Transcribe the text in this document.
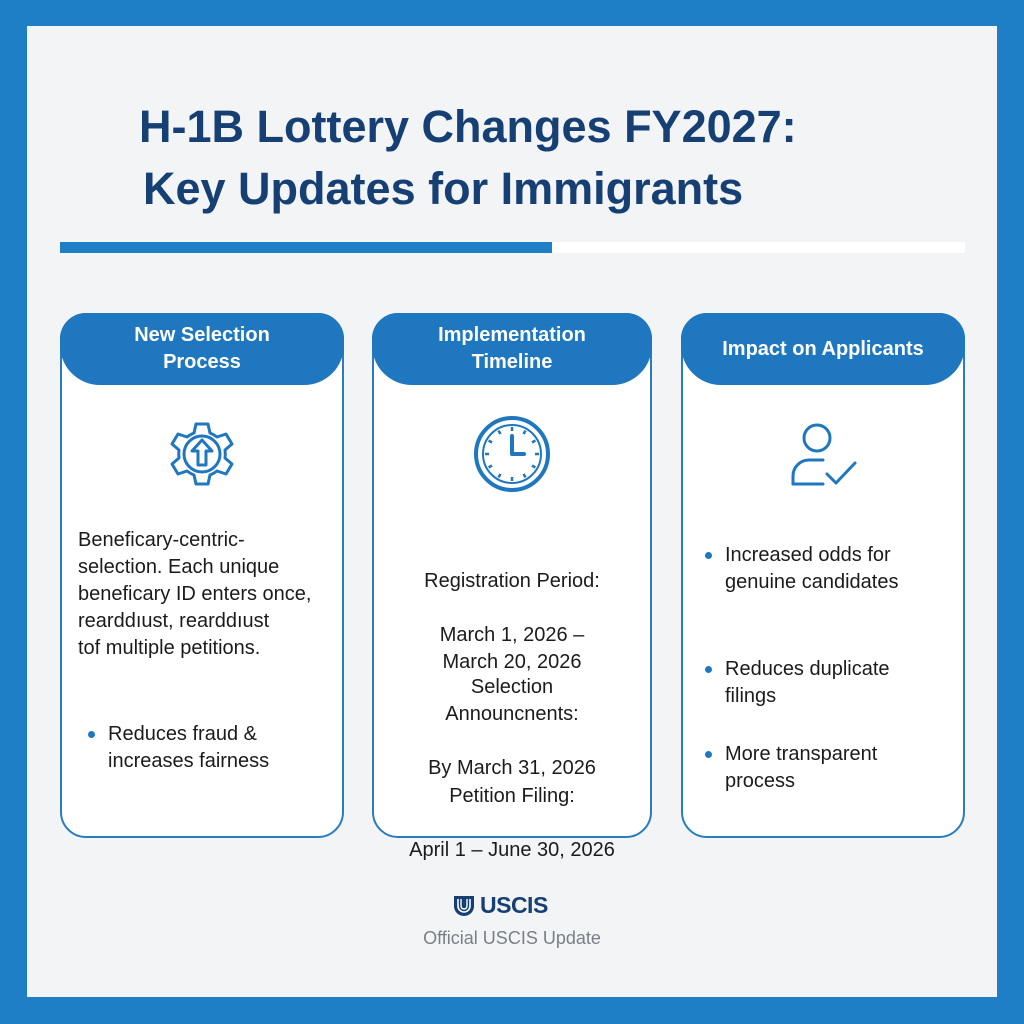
H-1B Lottery Changes FY2027:
Key Updates for Immigrants
New Selection
Process
Beneficary-centric-
selection. Each unique
beneficary ID enters once,
rearddıust, rearddıust
tof multiple petitions.
Reduces fraud &
increases fairness
Implementation
Timeline

Registration Period:

March 1, 2026 –
March 20, 2026

Selection
Announcnents:

By March 31, 2026

Petition Filing:

April 1 – June 30, 2026

Impact on Applicants
Increased odds for
genuine candidates
Reduces duplicate
filings
More transparent
process
USCIS
Official USCIS Update
